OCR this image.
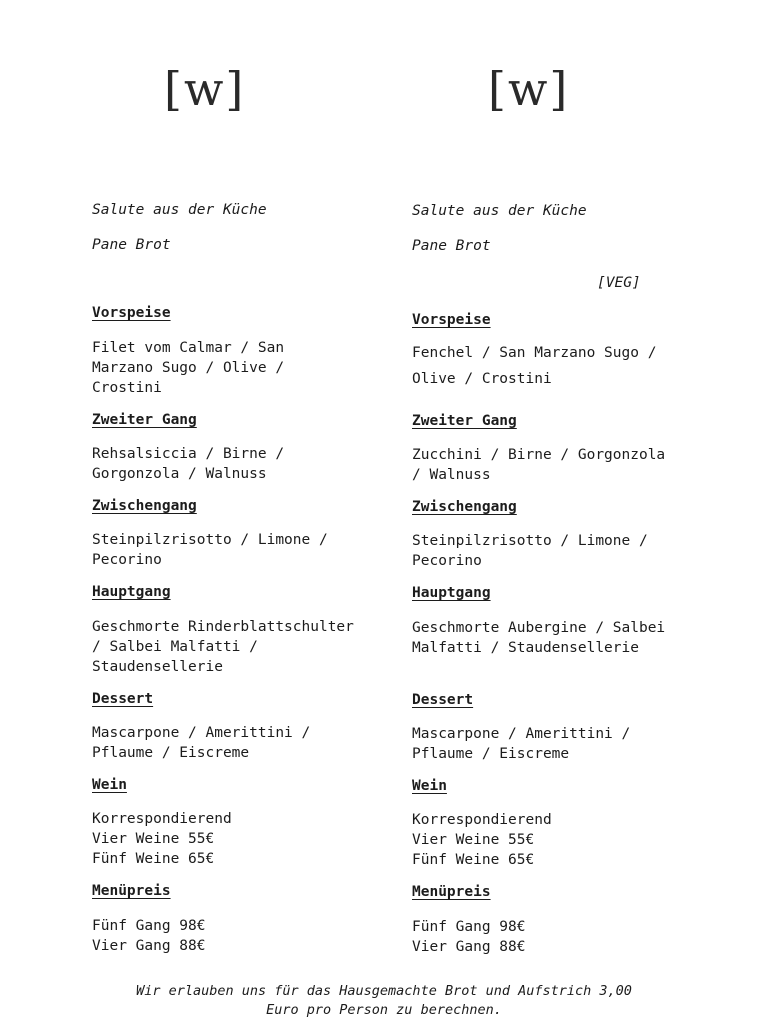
[w]
Salute aus der Küche
Pane Brot
Vorspeise
Filet vom Calmar / San
Marzano Sugo / Olive /
Crostini
Zweiter Gang
Rehsalsiccia / Birne /
Gorgonzola / Walnuss
Zwischengang
Steinpilzrisotto / Limone /
Pecorino
Hauptgang
Geschmorte Rinderblattschulter
/ Salbei Malfatti /
Staudensellerie
Dessert
Mascarpone / Amerittini /
Pflaume / Eiscreme
Wein
Korrespondierend
Vier Weine 55€
Fünf Weine 65€
Menüpreis
Fünf Gang 98€
Vier Gang 88€
[w]
Salute aus der Küche
Pane Brot
[VEG]
Vorspeise
Fenchel / San Marzano Sugo /
Olive / Crostini
Zweiter Gang
Zucchini / Birne / Gorgonzola
/ Walnuss
Zwischengang
Steinpilzrisotto / Limone /
Pecorino
Hauptgang
Geschmorte Aubergine / Salbei
Malfatti / Staudensellerie
Dessert
Mascarpone / Amerittini /
Pflaume / Eiscreme
Wein
Korrespondierend
Vier Weine 55€
Fünf Weine 65€
Menüpreis
Fünf Gang 98€
Vier Gang 88€
Wir erlauben uns für das Hausgemachte Brot und Aufstrich 3,00
Euro pro Person zu berechnen.
